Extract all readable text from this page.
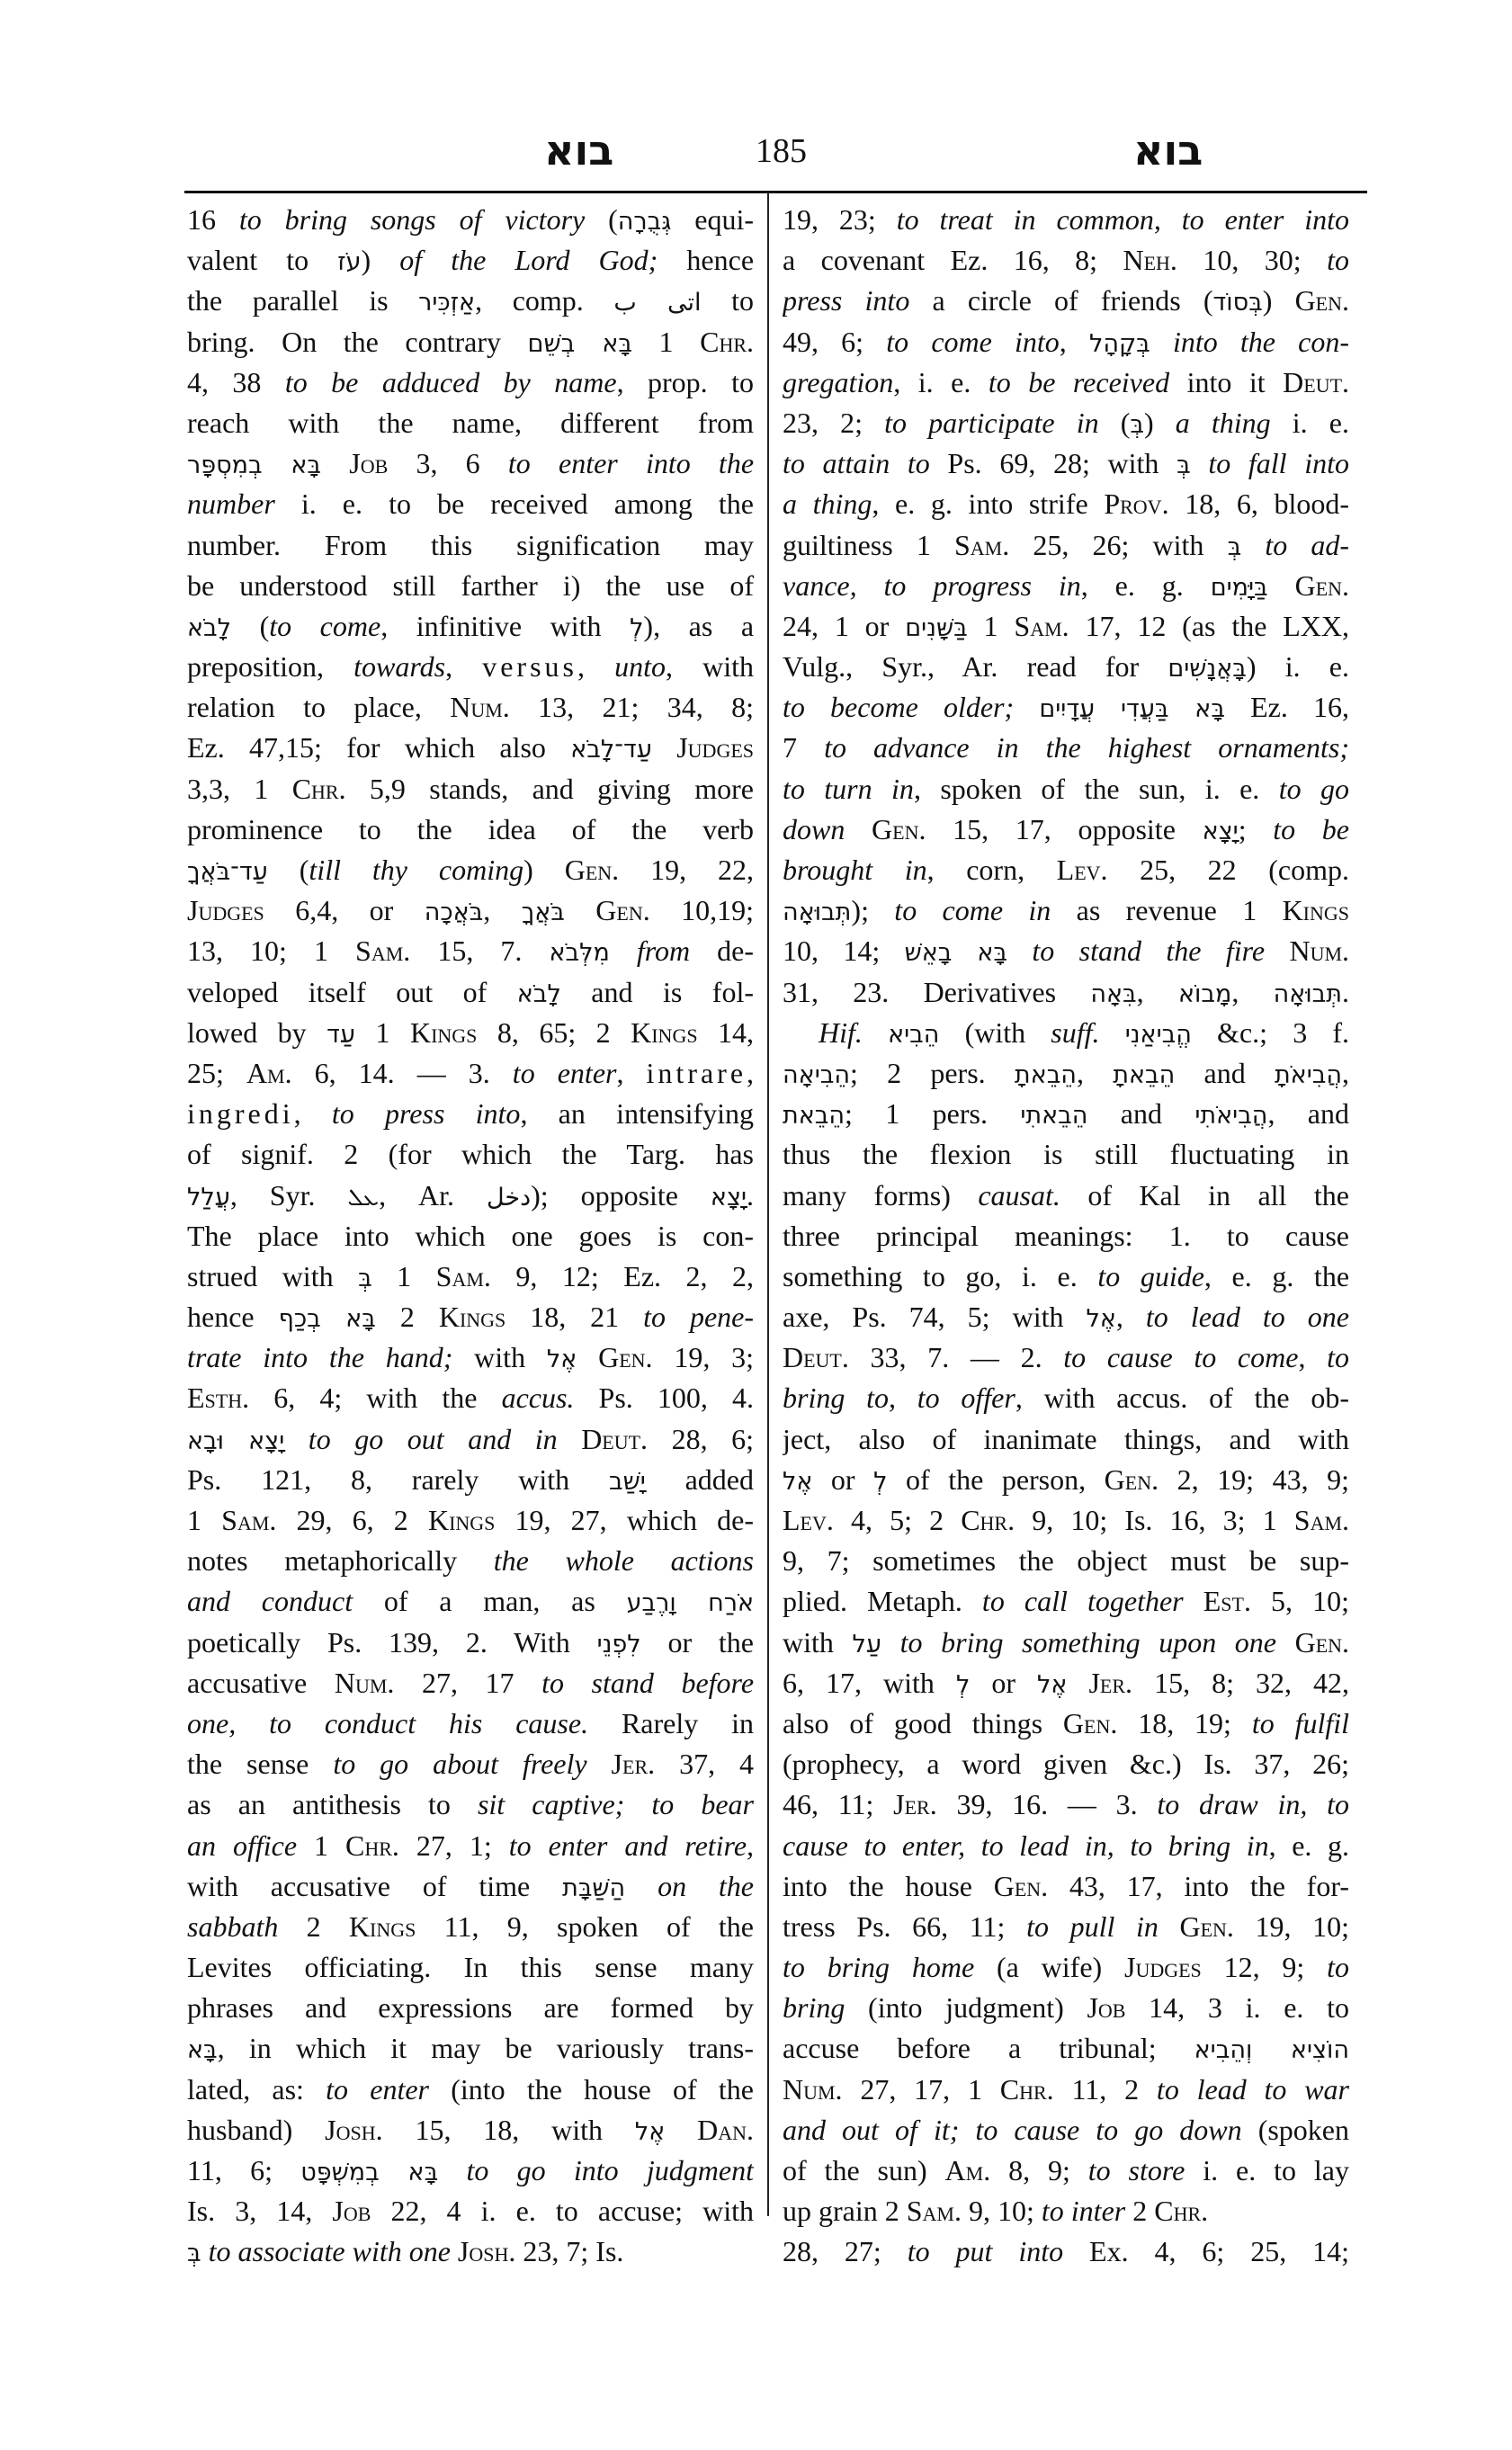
בוא	185	בוא
16 to bring songs of victory (גְּבֻרָה equi-
valent to עֹז) of the Lord God; hence
the parallel is אַזְכִּיר, comp. اتى ب to
bring. On the contrary בָּא בְשֵׁם 1 Chr.
4, 38 to be adduced by name, prop. to
reach with the name, different from
בָּא בְמִסְפָּר Job 3, 6 to enter into the
number i. e. to be received among the
number. From this signification may
be understood still farther i) the use of
לָבֹא (to come, infinitive with לְ), as a
preposition, towards, versus, unto, with
relation to place, Num. 13, 21; 34, 8;
Ez. 47,15; for which also עַד־לָבֹא Judges
3,3, 1 Chr. 5,9 stands, and giving more
prominence to the idea of the verb
עַד־בֹּאֲךָ (till thy coming) Gen. 19, 22,
Judges 6,4, or בֹּאֲכָה, בֹּאֲךָ Gen. 10,19;
13, 10; 1 Sam. 15, 7. מִלְּבֹא from de-
veloped itself out of לָבֹא and is fol-
lowed by עַד 1 Kings 8, 65; 2 Kings 14,
25; Am. 6, 14. — 3. to enter, intrare,
ingredi, to press into, an intensifying
of signif. 2 (for which the Targ. has
עֲלַל, Syr. ܥܠ, Ar. دخل); opposite יָצָא.
The place into which one goes is con-
strued with בְּ 1 Sam. 9, 12; Ez. 2, 2,
hence בָּא בְכַף 2 Kings 18, 21 to pene-
trate into the hand; with אֶל Gen. 19, 3;
Esth. 6, 4; with the accus. Ps. 100, 4.
יָצָא וּבָא to go out and in Deut. 28, 6;
Ps. 121, 8, rarely with יָשַׁב added
1 Sam. 29, 6, 2 Kings 19, 27, which de-
notes metaphorically the whole actions
and conduct of a man, as אֹרַח וָרֶבַע
poetically Ps. 139, 2. With לִפְנֵי or the
accusative Num. 27, 17 to stand before
one, to conduct his cause. Rarely in
the sense to go about freely Jer. 37, 4
as an antithesis to sit captive; to bear
an office 1 Chr. 27, 1; to enter and retire,
with accusative of time הַשַּׁבָּת on the
sabbath 2 Kings 11, 9, spoken of the
Levites officiating. In this sense many
phrases and expressions are formed by
בָּא, in which it may be variously trans-
lated, as: to enter (into the house of the
husband) Josh. 15, 18, with אֶל Dan.
11, 6; בָּא בְמִשְׁפָּט to go into judgment
Is. 3, 14, Job 22, 4 i. e. to accuse; with
בְּ to associate with one Josh. 23, 7; Is.
19, 23; to treat in common, to enter into
a covenant Ez. 16, 8; Neh. 10, 30; to
press into a circle of friends (בְּסוֹד) Gen.
49, 6; to come into, בְּקָהָל into the con-
gregation, i. e. to be received into it Deut.
23, 2; to participate in (בְּ) a thing i. e.
to attain to Ps. 69, 28; with בְּ to fall into
a thing, e. g. into strife Prov. 18, 6, blood-
guiltiness 1 Sam. 25, 26; with בְּ to ad-
vance, to progress in, e. g. בַּיָּמִים Gen.
24, 1 or בַּשָּׁנִים 1 Sam. 17, 12 (as the LXX,
Vulg., Syr., Ar. read for בָּאֲנָשִׁים) i. e.
to become older; בָּא בַּעֲדִי עֲדָיִים Ez. 16,
7 to advance in the highest ornaments;
to turn in, spoken of the sun, i. e. to go
down Gen. 15, 17, opposite יָצָא; to be
brought in, corn, Lev. 25, 22 (comp.
תְּבוּאָה); to come in as revenue 1 Kings
10, 14; בָּא בָאֵשׁ to stand the fire Num.
31, 23. Derivatives בִּאָה, מָבוֹא, תְּבוּאָה.
Hif. הֵבִיא (with suff. הֱבִיאַנִי &c.; 3 f.
הֵבִיאָה; 2 pers. הֵבֵאתָ, הֵבֵאתָ and הֲבִיאֹתָ,
הֵבֵאת; 1 pers. הֵבֵאתִי and הֲבִיאֹתִי, and
thus the flexion is still fluctuating in
many forms) causat. of Kal in all the
three principal meanings: 1. to cause
something to go, i. e. to guide, e. g. the
axe, Ps. 74, 5; with אֶל, to lead to one
Deut. 33, 7. — 2. to cause to come, to
bring to, to offer, with accus. of the ob-
ject, also of inanimate things, and with
אֶל or לְ of the person, Gen. 2, 19; 43, 9;
Lev. 4, 5; 2 Chr. 9, 10; Is. 16, 3; 1 Sam.
9, 7; sometimes the object must be sup-
plied. Metaph. to call together Est. 5, 10;
with עַל to bring something upon one Gen.
6, 17, with לְ or אֶל Jer. 15, 8; 32, 42,
also of good things Gen. 18, 19; to fulfil
(prophecy, a word given &c.) Is. 37, 26;
46, 11; Jer. 39, 16. — 3. to draw in, to
cause to enter, to lead in, to bring in, e. g.
into the house Gen. 43, 17, into the for-
tress Ps. 66, 11; to pull in Gen. 19, 10;
to bring home (a wife) Judges 12, 9; to
bring (into judgment) Job 14, 3 i. e. to
accuse before a tribunal; הוֹצִיא וְהֵבִיא
Num. 27, 17, 1 Chr. 11, 2 to lead to war
and out of it; to cause to go down (spoken
of the sun) Am. 8, 9; to store i. e. to lay
up grain 2 Sam. 9, 10; to inter 2 Chr.
28, 27; to put into Ex. 4, 6; 25, 14;
